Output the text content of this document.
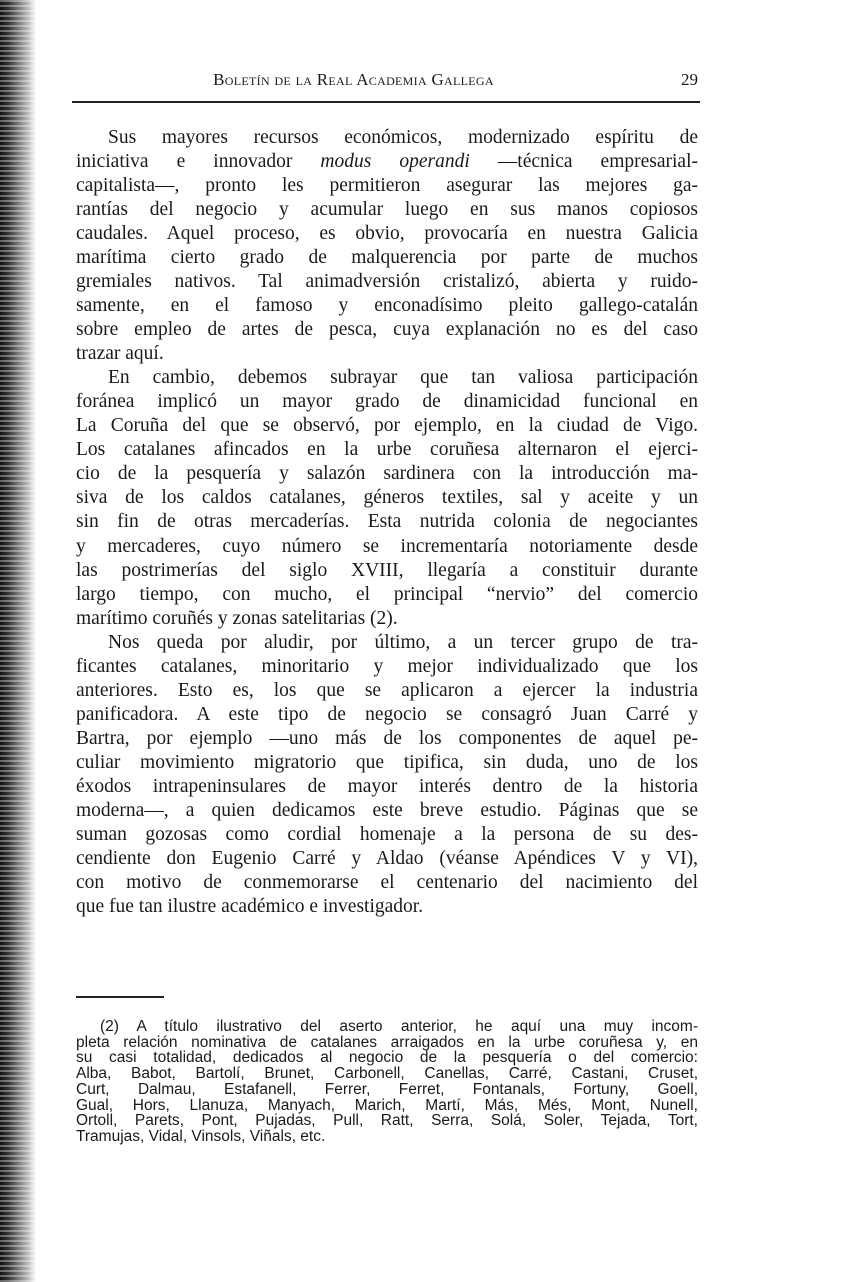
Boletín de la Real Academia Gallega	29
Sus mayores recursos económicos, modernizado espíritu de
iniciativa e innovador modus operandi —técnica empresarial-
capitalista—, pronto les permitieron asegurar las mejores ga-
rantías del negocio y acumular luego en sus manos copiosos
caudales. Aquel proceso, es obvio, provocaría en nuestra Galicia
marítima cierto grado de malquerencia por parte de muchos
gremiales nativos. Tal animadversión cristalizó, abierta y ruido-
samente, en el famoso y enconadísimo pleito gallego-catalán
sobre empleo de artes de pesca, cuya explanación no es del caso
trazar aquí.
En cambio, debemos subrayar que tan valiosa participación
foránea implicó un mayor grado de dinamicidad funcional en
La Coruña del que se observó, por ejemplo, en la ciudad de Vigo.
Los catalanes afincados en la urbe coruñesa alternaron el ejerci-
cio de la pesquería y salazón sardinera con la introducción ma-
siva de los caldos catalanes, géneros textiles, sal y aceite y un
sin fin de otras mercaderías. Esta nutrida colonia de negociantes
y mercaderes, cuyo número se incrementaría notoriamente desde
las postrimerías del siglo XVIII, llegaría a constituir durante
largo tiempo, con mucho, el principal “nervio” del comercio
marítimo coruñés y zonas satelitarias (2).
Nos queda por aludir, por último, a un tercer grupo de tra-
ficantes catalanes, minoritario y mejor individualizado que los
anteriores. Esto es, los que se aplicaron a ejercer la industria
panificadora. A este tipo de negocio se consagró Juan Carré y
Bartra, por ejemplo —uno más de los componentes de aquel pe-
culiar movimiento migratorio que tipifica, sin duda, uno de los
éxodos intrapeninsulares de mayor interés dentro de la historia
moderna—, a quien dedicamos este breve estudio. Páginas que se
suman gozosas como cordial homenaje a la persona de su des-
cendiente don Eugenio Carré y Aldao (véanse Apéndices V y VI),
con motivo de conmemorarse el centenario del nacimiento del
que fue tan ilustre académico e investigador.
(2) A título ilustrativo del aserto anterior, he aquí una muy incom-
pleta relación nominativa de catalanes arraigados en la urbe coruñesa y, en
su casi totalidad, dedicados al negocio de la pesquería o del comercio:
Alba, Babot, Bartolí, Brunet, Carbonell, Canellas, Carré, Castani, Cruset,
Curt, Dalmau, Estafanell, Ferrer, Ferret, Fontanals, Fortuny, Goell,
Gual, Hors, Llanuza, Manyach, Marich, Martí, Más, Més, Mont, Nunell,
Ortoll, Parets, Pont, Pujadas, Pull, Ratt, Serra, Solá, Soler, Tejada, Tort,
Tramujas, Vidal, Vinsols, Viñals, etc.
